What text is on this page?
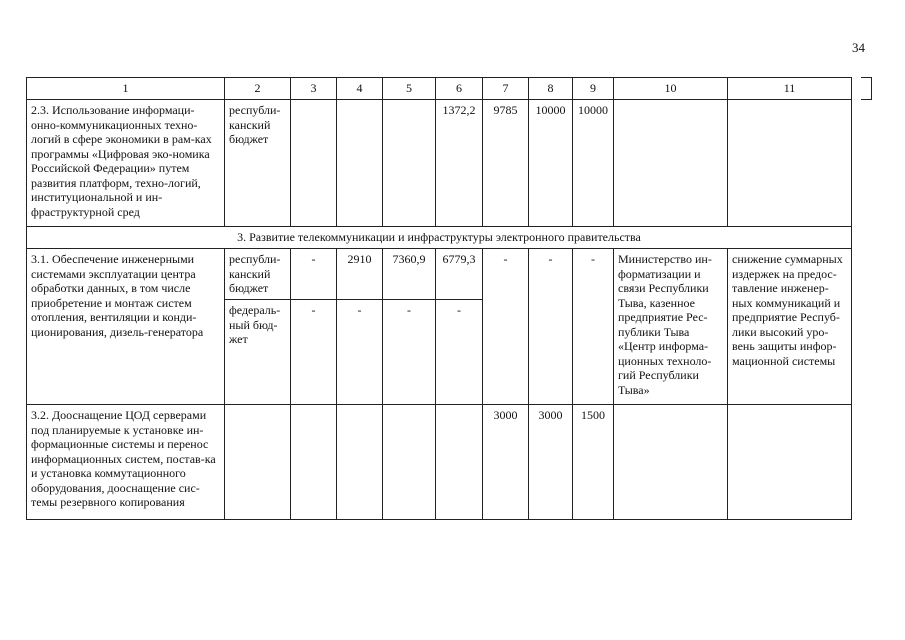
34
1	2	3	4	5	6	7	8	9	10	11
2.3. Использование информаци-онно-коммуникационных техно-логий в сфере экономики в рам-ках программы «Цифровая эко-номика Российской Федерации» путем развития платформ, техно-логий, институциональной и ин-фраструктурной сред	республи-канский бюджет				1372,2	9785	10000	10000		
3. Развитие телекоммуникации и инфраструктуры электронного правительства										
3.1. Обеспечение инженерными системами эксплуатации центра обработки данных, в том числе приобретение и монтаж систем отопления, вентиляции и конди-ционирования, дизель-генератора	республи-канский бюджет	-	2910	7360,9	6779,3	-	-	-	Министерство ин-форматизации и связи Республики Тыва, казенное предприятие Рес-публики Тыва «Центр информа-ционных техноло-гий Республики Тыва»	снижение суммарных издержек на предос-тавление инженер-ных коммуникаций и предприятие Респуб-лики высокий уро-вень защиты инфор-мационной системы
	федераль-ный бюд-жет	-	-	-	-					
3.2. Дооснащение ЦОД серверами под планируемые к установке ин-формационные системы и перенос информационных систем, постав-ка и установка коммутационного оборудования, дооснащение сис-темы резервного копирования						3000	3000	1500		
